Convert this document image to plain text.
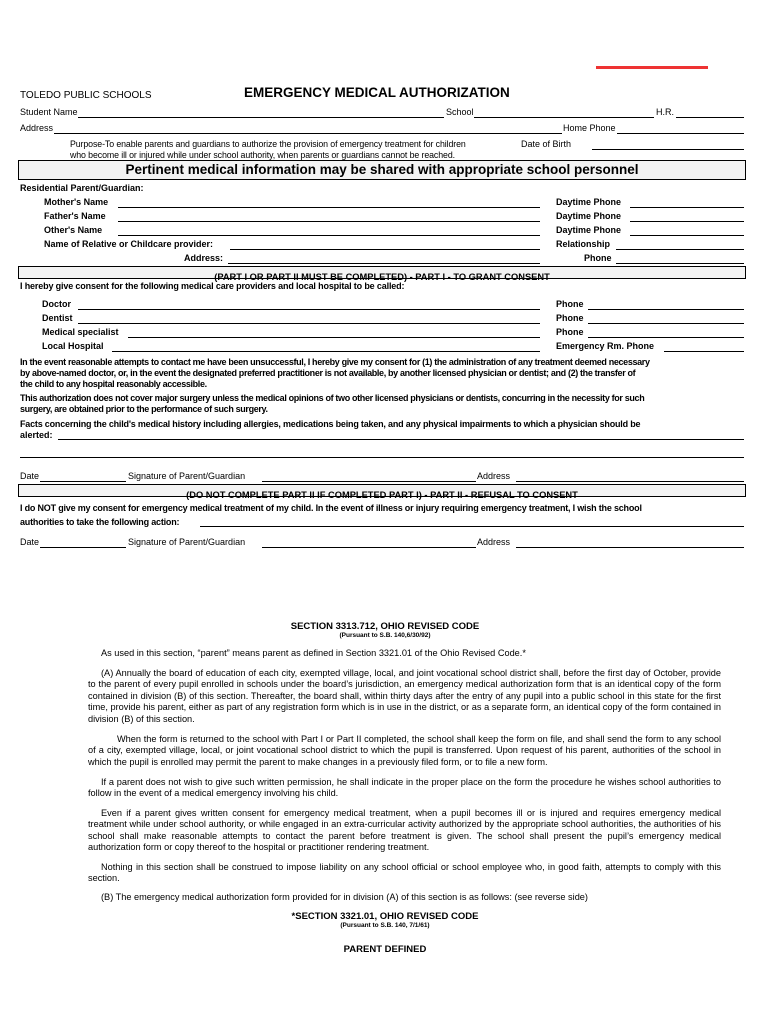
TOLEDO PUBLIC SCHOOLS	EMERGENCY MEDICAL AUTHORIZATION
Student Name	School	H.R.
Address	Home Phone
Purpose-To enable parents and guardians to authorize the provision of emergency treatment for children
who become ill or injured while under school authority, when parents or guardians cannot be reached.
Date of Birth
Pertinent medical information may be shared with appropriate school personnel
Residential Parent/Guardian:
Mother's Name	Daytime Phone
Father's Name	Daytime Phone
Other's Name	Daytime Phone
Name of Relative or Childcare provider:	Relationship
Address:	Phone
(PART I OR PART II MUST BE COMPLETED) - PART I - TO GRANT CONSENT
I hereby give consent for the following medical care providers and local hospital to be called:
Doctor	Phone
Dentist	Phone
Medical specialist	Phone
Local Hospital	Emergency Rm. Phone
In the event reasonable attempts to contact me have been unsuccessful, I hereby give my consent for (1) the administration of any treatment deemed necessary
by above-named doctor, or, in the event the designated preferred practitioner is not available, by another licensed physician or dentist; and (2) the transfer of
the child to any hospital reasonably accessible.
This authorization does not cover major surgery unless the medical opinions of two other licensed physicians or dentists, concurring in the necessity for such
surgery, are obtained prior to the performance of such surgery.
Facts concerning the child's medical history including allergies, medications being taken, and any physical impairments to which a physician should be
alerted:
Date	Signature of Parent/Guardian	Address
(DO NOT COMPLETE PART II IF COMPLETED PART I) - PART II - REFUSAL TO CONSENT
I do NOT give my consent for emergency medical treatment of my child. In the event of illness or injury requiring emergency treatment, I wish the school
authorities to take the following action:
Date	Signature of Parent/Guardian	Address
SECTION 3313.712, OHIO REVISED CODE
(Pursuant to S.B. 140,6/30/92)
As used in this section, “parent” means parent as defined in Section 3321.01 of the Ohio Revised Code.*
(A) Annually the board of education of each city, exempted village, local, and joint vocational school district shall, before the first day of October, provide to the parent of every pupil enrolled in schools under the board’s jurisdiction, an emergency medical authorization form that is an identical copy of the form contained in division (B) of this section. Thereafter, the board shall, within thirty days after the entry of any pupil into a public school in this state for the first time, provide his parent, either as part of any registration form which is in use in the district, or as a separate form, an identical copy of the form contained in division (B) of this section.
When the form is returned to the school with Part I or Part II completed, the school shall keep the form on file, and shall send the form to any school of a city, exempted village, local, or joint vocational school district to which the pupil is transferred. Upon request of his parent, authorities of the school in which the pupil is enrolled may permit the parent to make changes in a previously filed form, or to file a new form.
If a parent does not wish to give such written permission, he shall indicate in the proper place on the form the procedure he wishes school authorities to follow in the event of a medical emergency involving his child.
Even if a parent gives written consent for emergency medical treatment, when a pupil becomes ill or is injured and requires emergency medical treatment while under school authority, or while engaged in an extra-curricular activity authorized by the appropriate school authorities, the authorities of his school shall make reasonable attempts to contact the parent before treatment is given. The school shall present the pupil’s emergency medical authorization form or copy thereof to the hospital or practitioner rendering treatment.
Nothing in this section shall be construed to impose liability on any school official or school employee who, in good faith, attempts to comply with this section.
(B) The emergency medical authorization form provided for in division (A) of this section is as follows: (see reverse side)
*SECTION 3321.01, OHIO REVISED CODE
(Pursuant to S.B. 140, 7/1/61)
PARENT DEFINED
